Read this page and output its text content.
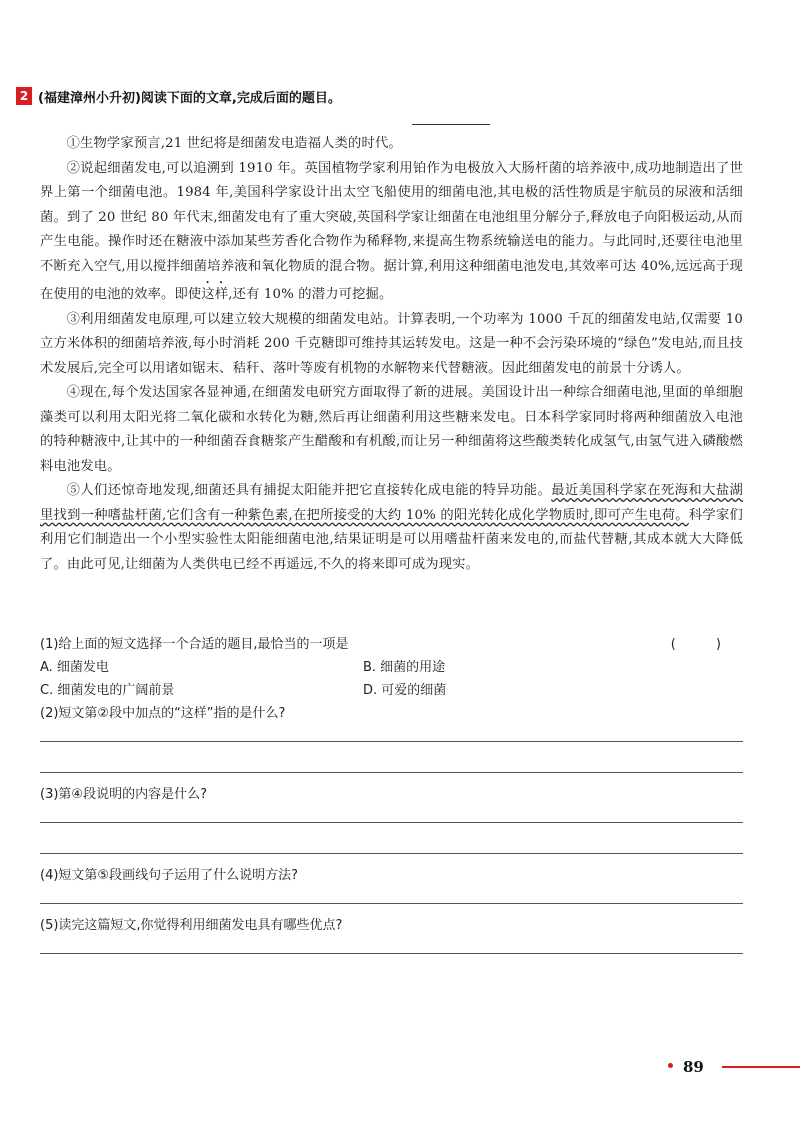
2 (福建漳州小升初) 阅读下面的文章,完成后面的题目。

①生物学家预言,21 世纪将是细菌发电造福人类的时代。

②说起细菌发电,可以追溯到 1910 年。英国植物学家利用铂作为电极放入大肠杆菌的培养液中,成功地制造出了世界上第一个细菌电池。1984 年,美国科学家设计出太空飞船使用的细菌电池,其电极的活性物质是宇航员的尿液和活细菌。到了 20 世纪 80 年代末,细菌发电有了重大突破,英国科学家让细菌在电池组里分解分子,释放电子向阳极运动,从而产生电能。操作时还在糖液中添加某些芳香化合物作为稀释物,来提高生物系统输送电的能力。与此同时,还要往电池里不断充入空气,用以搅拌细菌培养液和氧化物质的混合物。据计算,利用这种细菌电池发电,其效率可达 40%,远远高于现在使用的电池的效率。即使这样,还有 10% 的潜力可挖掘。

③利用细菌发电原理,可以建立较大规模的细菌发电站。计算表明,一个功率为 1000 千瓦的细菌发电站,仅需要 10 立方米体积的细菌培养液,每小时消耗 200 千克糖即可维持其运转发电。这是一种不会污染环境的“绿色”发电站,而且技术发展后,完全可以用诸如锯末、秸秆、落叶等废有机物的水解物来代替糖液。因此细菌发电的前景十分诱人。

④现在,每个发达国家各显神通,在细菌发电研究方面取得了新的进展。美国设计出一种综合细菌电池,里面的单细胞藻类可以利用太阳光将二氧化碳和水转化为糖,然后再让细菌利用这些糖来发电。日本科学家同时将两种细菌放入电池的特种糖液中,让其中的一种细菌吞食糖浆产生醋酸和有机酸,而让另一种细菌将这些酸类转化成氢气,由氢气进入磷酸燃料电池发电。

⑤人们还惊奇地发现,细菌还具有捕捉太阳能并把它直接转化成电能的特异功能。最近美国科学家在死海和大盐湖里找到一种嗜盐杆菌,它们含有一种紫色素,在把所接受的大约 10% 的阳光转化成化学物质时,即可产生电荷。科学家们利用它们制造出一个小型实验性太阳能细菌电池,结果证明是可以用嗜盐杆菌来发电的,而盐代替糖,其成本就大大降低了。由此可见,让细菌为人类供电已经不再遥远,不久的将来即可成为现实。

(1)给上面的短文选择一个合适的题目,最恰当的一项是	( )
A. 细菌发电	B. 细菌的用途
C. 细菌发电的广阔前景	D. 可爱的细菌
(2)短文第②段中加点的“这样”指的是什么?
(3)第④段说明的内容是什么?
(4)短文第⑤段画线句子运用了什么说明方法?
(5)读完这篇短文,你觉得利用细菌发电具有哪些优点?
89
